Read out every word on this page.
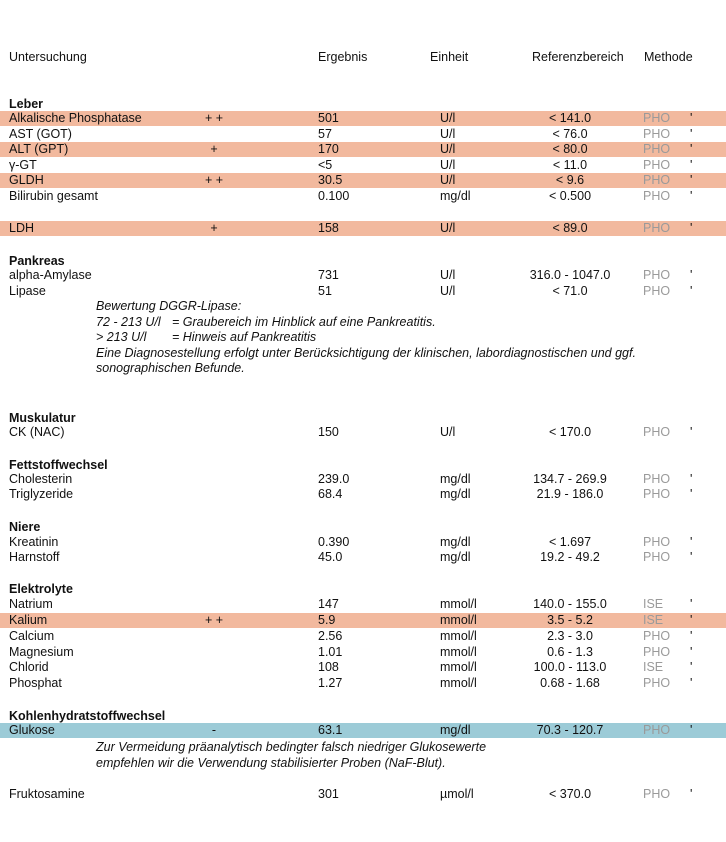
Untersuchung	Ergebnis	Einheit	Referenzbereich Methode
Leber
Pankreas
Muskulatur
Fettstoffwechsel
Niere
Elektrolyte
Kohlenhydratstoffwechsel
Alkalische Phosphatase	+ +	501	U/l	< 141.0	PHO '
AST (GOT)	57	U/l	< 76.0	PHO '
ALT (GPT)	+	170	U/l	< 80.0	PHO '
γ-GT	<5	U/l	< 11.0	PHO '
GLDH	+ +	30.5	U/l	< 9.6	PHO '
Bilirubin gesamt	0.100	mg/dl	< 0.500	PHO '
LDH	+	158	U/l	< 89.0	PHO '
alpha-Amylase	731	U/l	316.0 - 1047.0	PHO '
Lipase	51	U/l	< 71.0	PHO '
CK (NAC)	150	U/l	< 170.0	PHO '
Cholesterin	239.0	mg/dl	134.7 - 269.9	PHO '
Triglyzeride	68.4	mg/dl	21.9 - 186.0	PHO '
Kreatinin	0.390	mg/dl	< 1.697	PHO '
Harnstoff	45.0	mg/dl	19.2 - 49.2	PHO '
Natrium	147	mmol/l	140.0 - 155.0	ISE '
Kalium	+ +	5.9	mmol/l	3.5 - 5.2	ISE '
Calcium	2.56	mmol/l	2.3 - 3.0	PHO '
Magnesium	1.01	mmol/l	0.6 - 1.3	PHO '
Chlorid	108	mmol/l	100.0 - 113.0	ISE '
Phosphat	1.27	mmol/l	0.68 - 1.68	PHO '
Glukose	-	63.1	mg/dl	70.3 - 120.7	PHO '
Fruktosamine	301	µmol/l	< 370.0	PHO '
Bewertung DGGR-Lipase:
72 - 213 U/l = Graubereich im Hinblick auf eine Pankreatitis.
> 213 U/l = Hinweis auf Pankreatitis
Eine Diagnosestellung erfolgt unter Berücksichtigung der klinischen, labordiagnostischen und ggf.
sonographischen Befunde.
Zur Vermeidung präanalytisch bedingter falsch niedriger Glukosewerte
empfehlen wir die Verwendung stabilisierter Proben (NaF-Blut).
